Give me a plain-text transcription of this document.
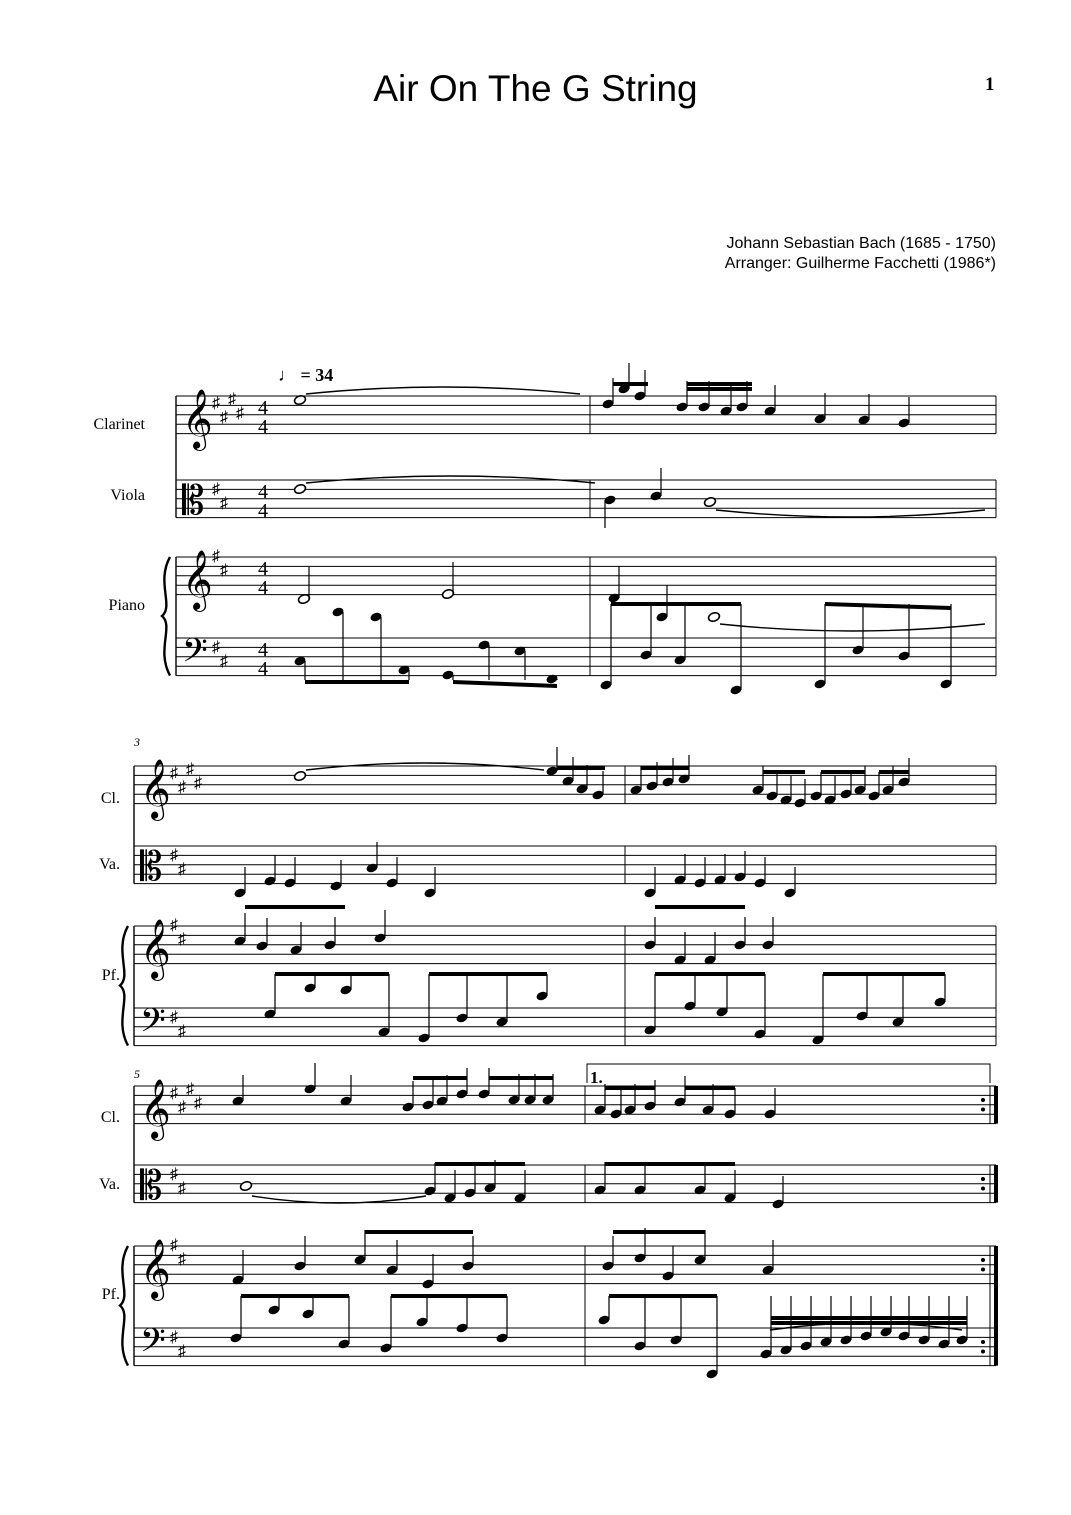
Air On The G String	1
Johann Sebastian Bach (1685 - 1750)
Arranger: Guilherme Facchetti (1986*)
♩ = 34
Clarinet
Viola
Piano
Cl.
Va.
Pf.
Cl.
Va.
Pf.
3
5	1.
𝄞
𝄞
𝄢
𝄡
♯
♯
♯
♯
♯
♯
♯
♯
♯
♯
4
4
4
4
4
4
4
4
𝄞
𝄞
𝄢
𝄡
♯
♯
♯
♯
♯
♯
♯
♯
♯
♯
𝄞
𝄞
𝄢
𝄡
♯
♯
♯
♯
♯
♯
♯
♯
♯
♯
